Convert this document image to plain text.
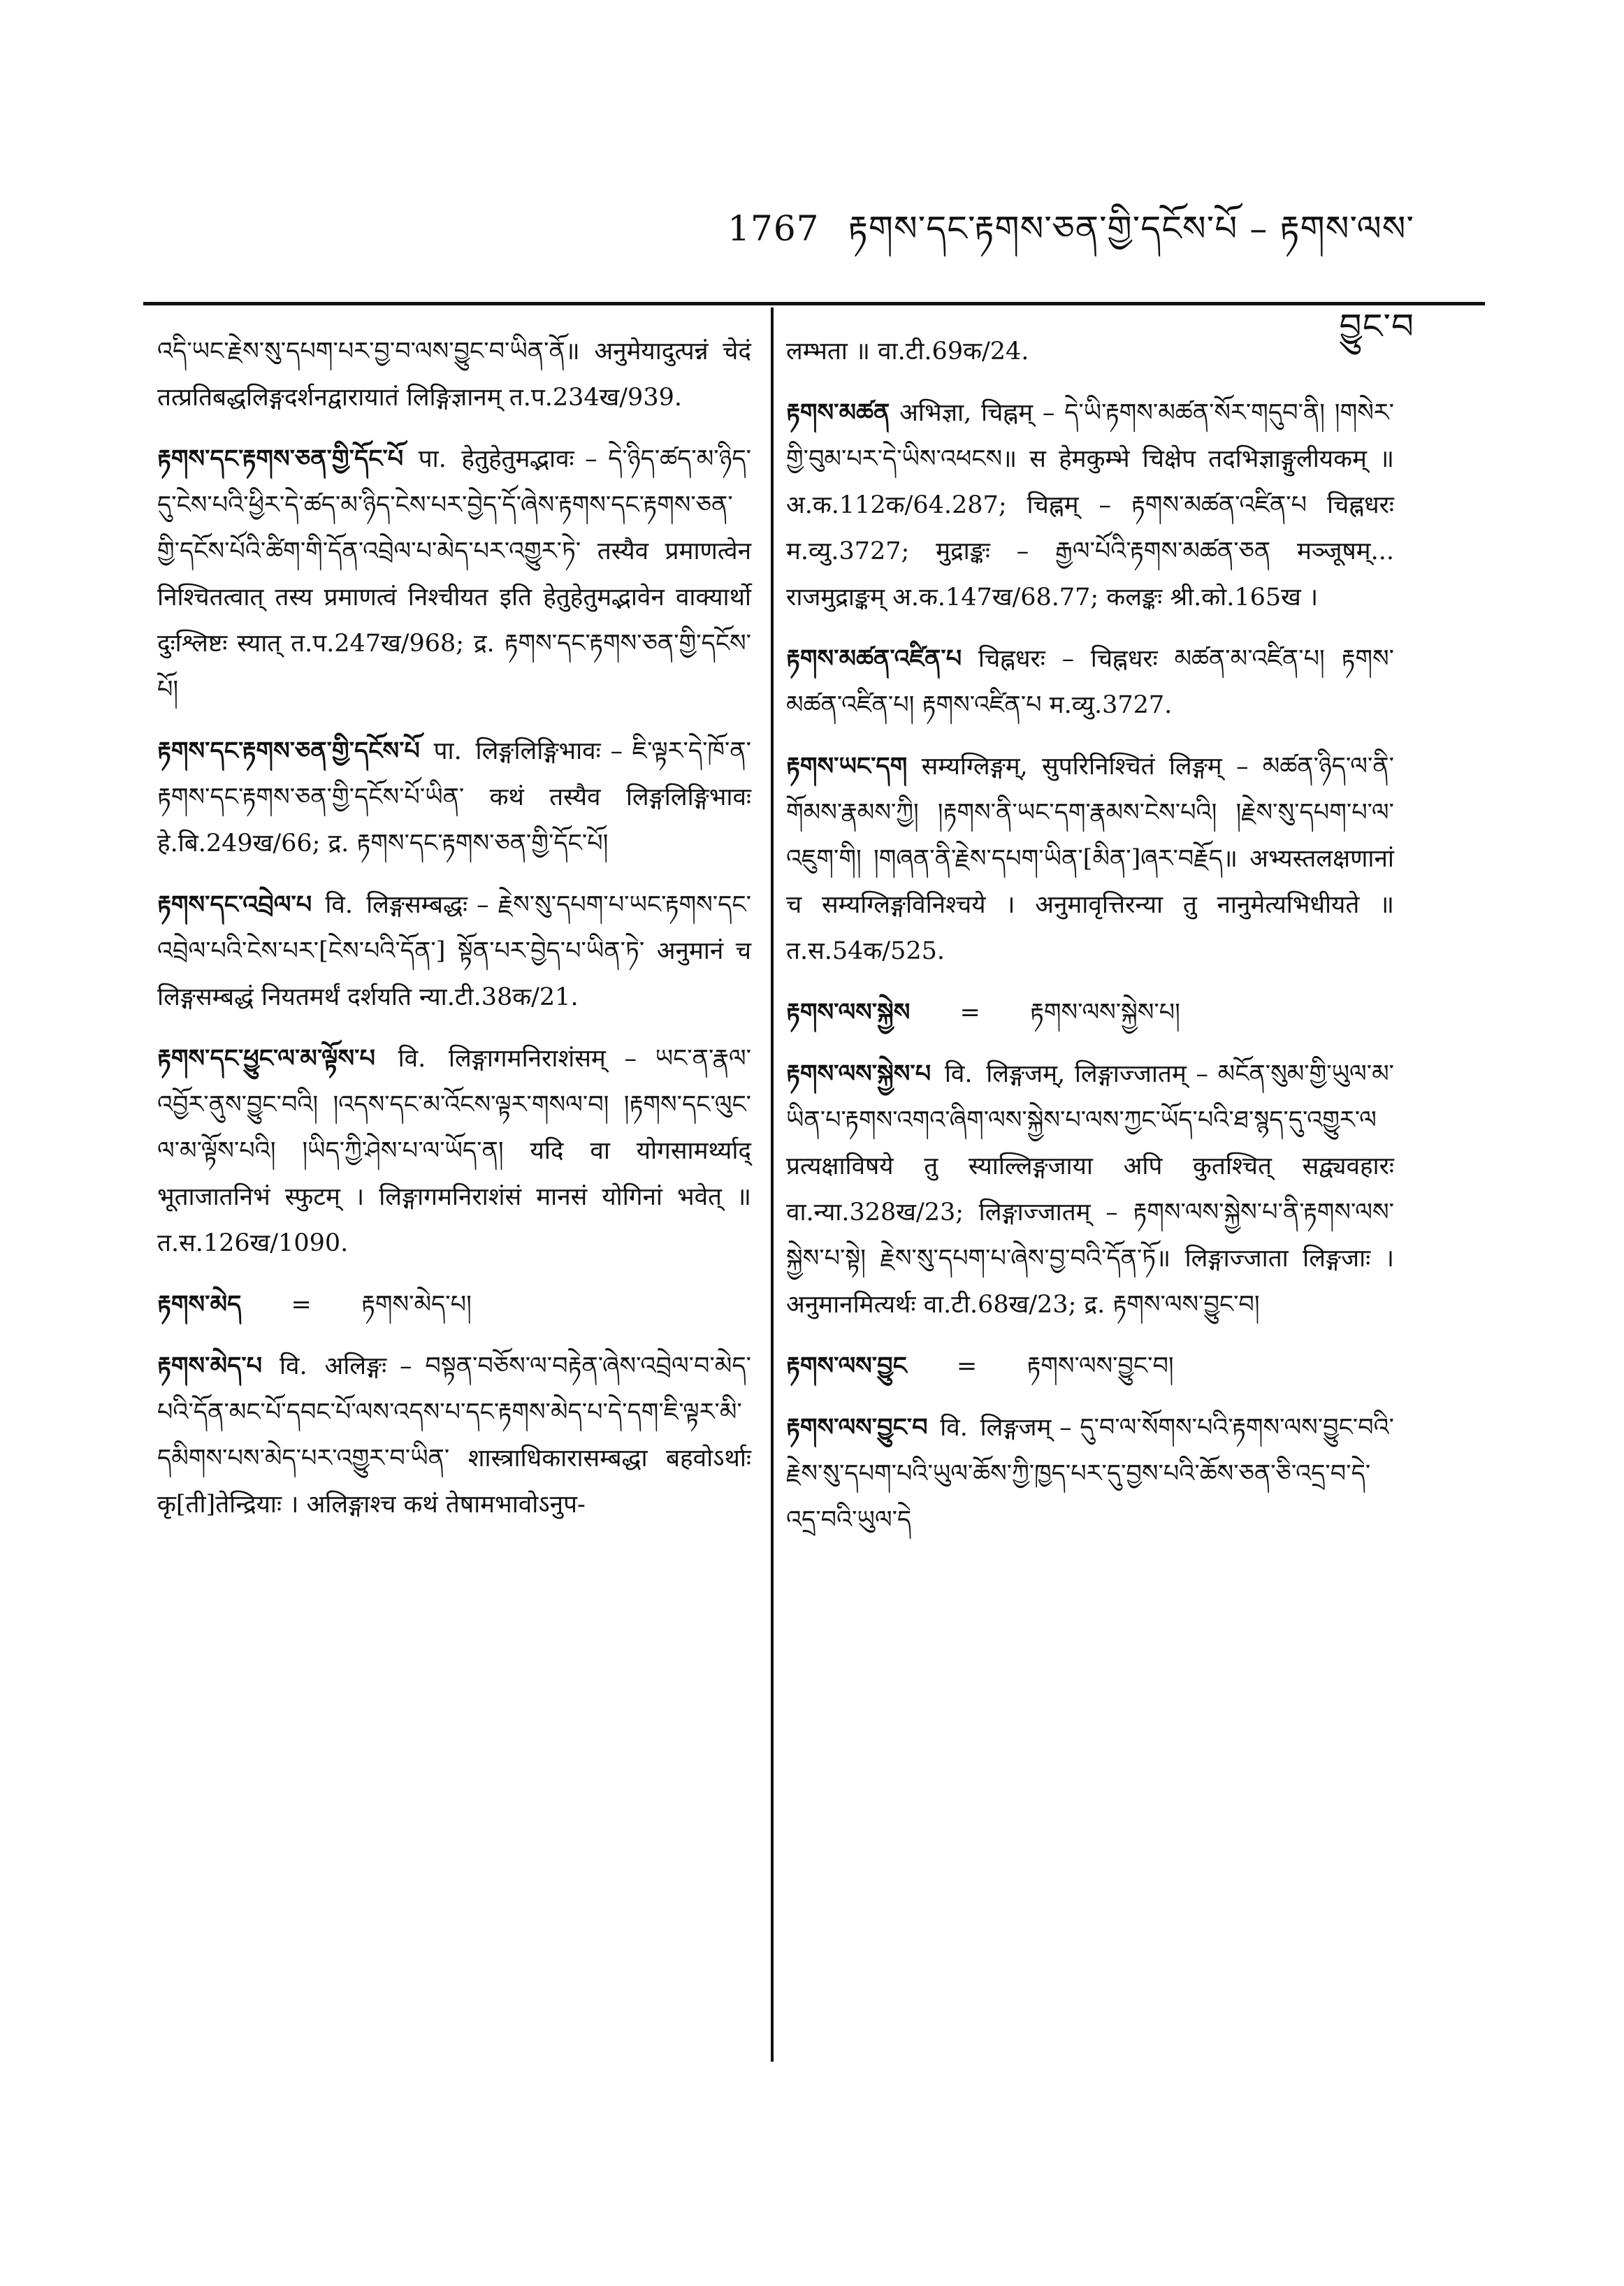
1767 རྟགས་དང་རྟགས་ཅན་གྱི་དངོས་པོ – རྟགས་ལས་བྱུང་བ
འདི་ཡང་རྗེས་སུ་དཔག་པར་བྱ་བ་ལས་བྱུང་བ་ཡིན་ནོ॥ अनुमेयादुत्पन्नं चेदं तत्प्रतिबद्धलिङ्गदर्शनद्वारायातं लिङ्गिज्ञानम् त.प.234ख/939.
རྟགས་དང་རྟགས་ཅན་གྱི་དོང་པོ पा. हेतुहेतुमद्भावः – དེ་ཉིད་ཚད་མ་ཉིད་དུ་ངེས་པའི་ཕྱིར་དེ་ཚད་མ་ཉིད་ངེས་པར་བྱེད་དོ་ཞེས་རྟགས་དང་རྟགས་ཅན་གྱི་དངོས་པོའི་ཚིག་གི་དོན་འབྲེལ་པ་མེད་པར་འགྱུར་ཏེ་ तस्यैव प्रमाणत्वेन निश्चितत्वात् तस्य प्रमाणत्वं निश्चीयत इति हेतुहेतुमद्भावेन वाक्यार्थो दुःश्लिष्टः स्यात् त.प.247ख/968; द्र. རྟགས་དང་རྟགས་ཅན་གྱི་དངོས་པོ།
རྟགས་དང་རྟགས་ཅན་གྱི་དངོས་པོ पा. लिङ्गलिङ्गिभावः – ཇི་ལྟར་དེ་ཁོ་ན་རྟགས་དང་རྟགས་ཅན་གྱི་དངོས་པོ་ཡིན་ कथं तस्यैव लिङ्गलिङ्गिभावः हे.बि.249ख/66; द्र. རྟགས་དང་རྟགས་ཅན་གྱི་དོང་པོ།
རྟགས་དང་འབྲེལ་པ वि. लिङ्गसम्बद्धः – རྗེས་སུ་དཔག་པ་ཡང་རྟགས་དང་འབྲེལ་པའི་ངེས་པར་[ངེས་པའི་དོན་] སྟོན་པར་བྱེད་པ་ཡིན་ཏེ་ अनुमानं च लिङ्गसम्बद्धं नियतमर्थं दर्शयति न्या.टी.38क/21.
རྟགས་དང་ཕྱུང་ལ་མ་ལྟོས་པ वि. लिङ्गागमनिराशंसम् – ཡང་ན་རྣལ་འབྱོར་ནུས་བྱུང་བའི། །འདས་དང་མ་འོངས་ལྟར་གསལ་བ། །རྟགས་དང་ལུང་ལ་མ་ལྟོས་པའི། །ཡིད་ཀྱི་ཤེས་པ་ལ་ཡོད་ན། यदि वा योगसामर्थ्याद् भूताजातनिभं स्फुटम् । लिङ्गागमनिराशंसं मानसं योगिनां भवेत् ॥ त.स.126ख/1090.
རྟགས་མེད = རྟགས་མེད་པ།
རྟགས་མེད་པ वि. अलिङ्गः – བསྟན་བཅོས་ལ་བརྟེན་ཞེས་འབྲེལ་བ་མེད་པའི་དོན་མང་པོ་དབང་པོ་ལས་འདས་པ་དང་རྟགས་མེད་པ་དེ་དག་ཇི་ལྟར་མི་དམིགས་པས་མེད་པར་འགྱུར་བ་ཡིན་ शास्त्राधिकारासम्बद्धा बहवोऽर्थाः कृ[ती]तेन्द्रियाः । अलिङ्गाश्च कथं तेषामभावोऽनुप-
लम्भता ॥ वा.टी.69क/24.
རྟགས་མཚན अभिज्ञा, चिह्नम् – དེ་ཡི་རྟགས་མཚན་སོར་གདུབ་ནི། །གསེར་གྱི་བུམ་པར་དེ་ཡིས་འཕངས॥ स हेमकुम्भे चिक्षेप तदभिज्ञाङ्गुलीयकम् ॥ अ.क.112क/64.287; चिह्नम् – རྟགས་མཚན་འཛིན་པ चिह्नधरः म.व्यु.3727; मुद्राङ्कः – རྒྱལ་པོའི་རྟགས་མཚན་ཅན मञ्जूषम्... राजमुद्राङ्कम् अ.क.147ख/68.77; कलङ्कः श्री.को.165ख ।
རྟགས་མཚན་འཛིན་པ चिह्नधरः – चिह्नधरः མཚན་མ་འཛིན་པ། རྟགས་མཚན་འཛིན་པ། རྟགས་འཛིན་པ म.व्यु.3727.
རྟགས་ཡང་དག सम्यग्लिङ्गम्, सुपरिनिश्चितं लिङ्गम् – མཚན་ཉིད་ལ་ནི་གོམས་རྣམས་ཀྱི། །རྟགས་ནི་ཡང་དག་རྣམས་ངེས་པའི། །རྗེས་སུ་དཔག་པ་ལ་འཇུག་གི། །གཞན་ནི་རྗེས་དཔག་ཡིན་[མིན་]ཞར་བརྗོད॥ अभ्यस्तलक्षणानां च सम्यग्लिङ्गविनिश्चये । अनुमावृत्तिरन्या तु नानुमेत्यभिधीयते ॥ त.स.54क/525.
རྟགས་ལས་སྐྱེས = རྟགས་ལས་སྐྱེས་པ།
རྟགས་ལས་སྐྱེས་པ वि. लिङ्गजम्, लिङ्गाज्जातम् – མངོན་སུམ་གྱི་ཡུལ་མ་ཡིན་པ་རྟགས་འགའ་ཞིག་ལས་སྐྱེས་པ་ལས་ཀྱང་ཡོད་པའི་ཐ་སྙད་དུ་འགྱུར་ལ प्रत्यक्षाविषये तु स्याल्लिङ्गजाया अपि कुतश्चित् सद्व्यवहारः वा.न्या.328ख/23; लिङ्गाज्जातम् – རྟགས་ལས་སྐྱེས་པ་ནི་རྟགས་ལས་སྐྱེས་པ་སྟེ། རྗེས་སུ་དཔག་པ་ཞེས་བྱ་བའི་དོན་ཏོ॥ लिङ्गाज्जाता लिङ्गजाः । अनुमानमित्यर्थः वा.टी.68ख/23; द्र. རྟགས་ལས་བྱུང་བ།
རྟགས་ལས་བྱུང = རྟགས་ལས་བྱུང་བ།
རྟགས་ལས་བྱུང་བ वि. लिङ्गजम् – དུ་བ་ལ་སོགས་པའི་རྟགས་ལས་བྱུང་བའི་རྗེས་སུ་དཔག་པའི་ཡུལ་ཆོས་ཀྱི་ཁྱད་པར་དུ་བྱས་པའི་ཆོས་ཅན་ཅི་འདྲ་བ་དེ་འདྲ་བའི་ཡུལ་དེ
